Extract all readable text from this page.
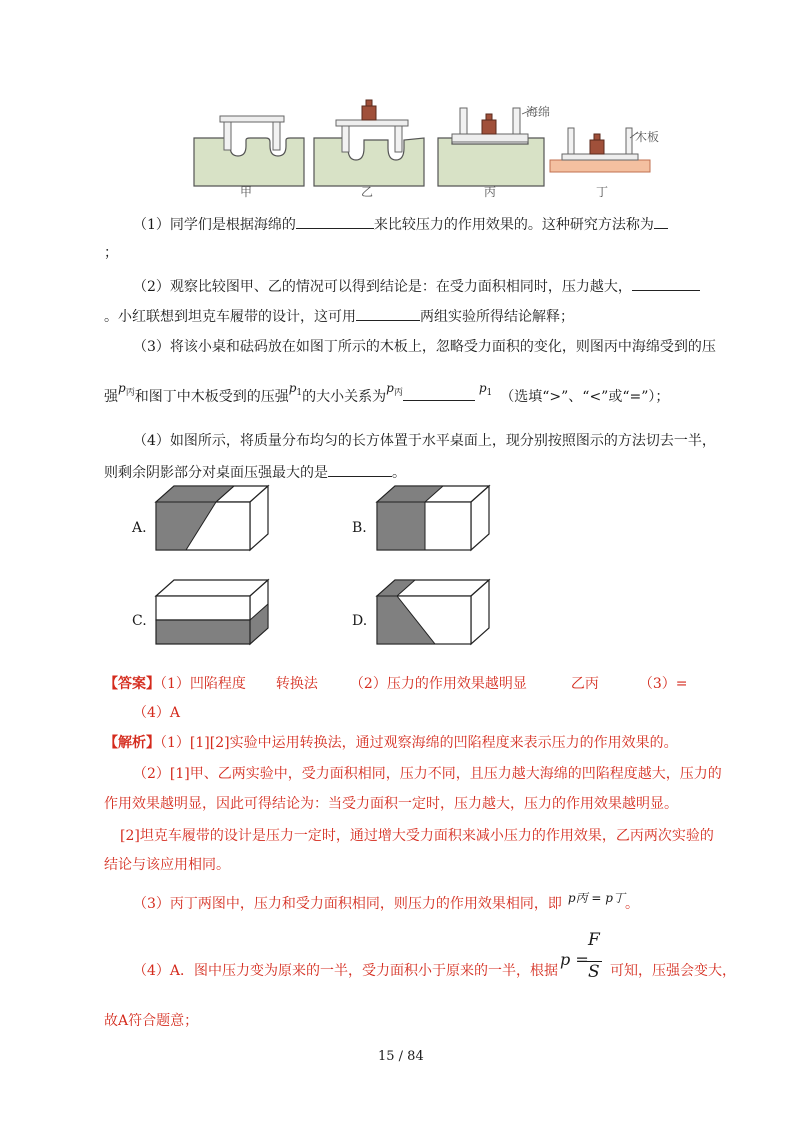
海绵
木板
甲	乙	丙	丁
（1）同学们是根据海绵的	来比较压力的作用效果的。这种研究方法称为
；
（2）观察比较图甲、乙的情况可以得到结论是：在受力面积相同时，压力越大，
。小红联想到坦克车履带的设计，这可用	两组实验所得结论解释；
（3）将该小桌和砝码放在如图丁所示的木板上，忽略受力面积的变化，则图丙中海绵受到的压
强$p_丙$和图丁中木板受到的压强$p_1$的大小关系为$p_丙$	$p_1$ （选填“>”、“<”或“=”）；
（4）如图所示，将质量分布均匀的长方体置于水平桌面上，现分别按照图示的方法切去一半，
则剩余阴影部分对桌面压强最大的是	。
A.	B.
C.	D.
【答案】（1）凹陷程度 转换法 （2）压力的作用效果越明显	乙丙	（3）=
（4）A
【解析】（1）[1][2]实验中运用转换法，通过观察海绵的凹陷程度来表示压力的作用效果的。
（2）[1]甲、乙两实验中，受力面积相同，压力不同，且压力越大海绵的凹陷程度越大，压力的
作用效果越明显，因此可得结论为：当受力面积一定时，压力越大，压力的作用效果越明显。
[2]坦克车履带的设计是压力一定时，通过增大受力面积来减小压力的作用效果，乙丙两次实验的
结论与该应用相同。
（3）丙丁两图中，压力和受力面积相同，则压力的作用效果相同，即 p丙 = p丁。
（4）A．图中压力变为原来的一半，受力面积小于原来的一半，根据
p =
F
S 可知，压强会变大，
故A符合题意；
15 / 84
